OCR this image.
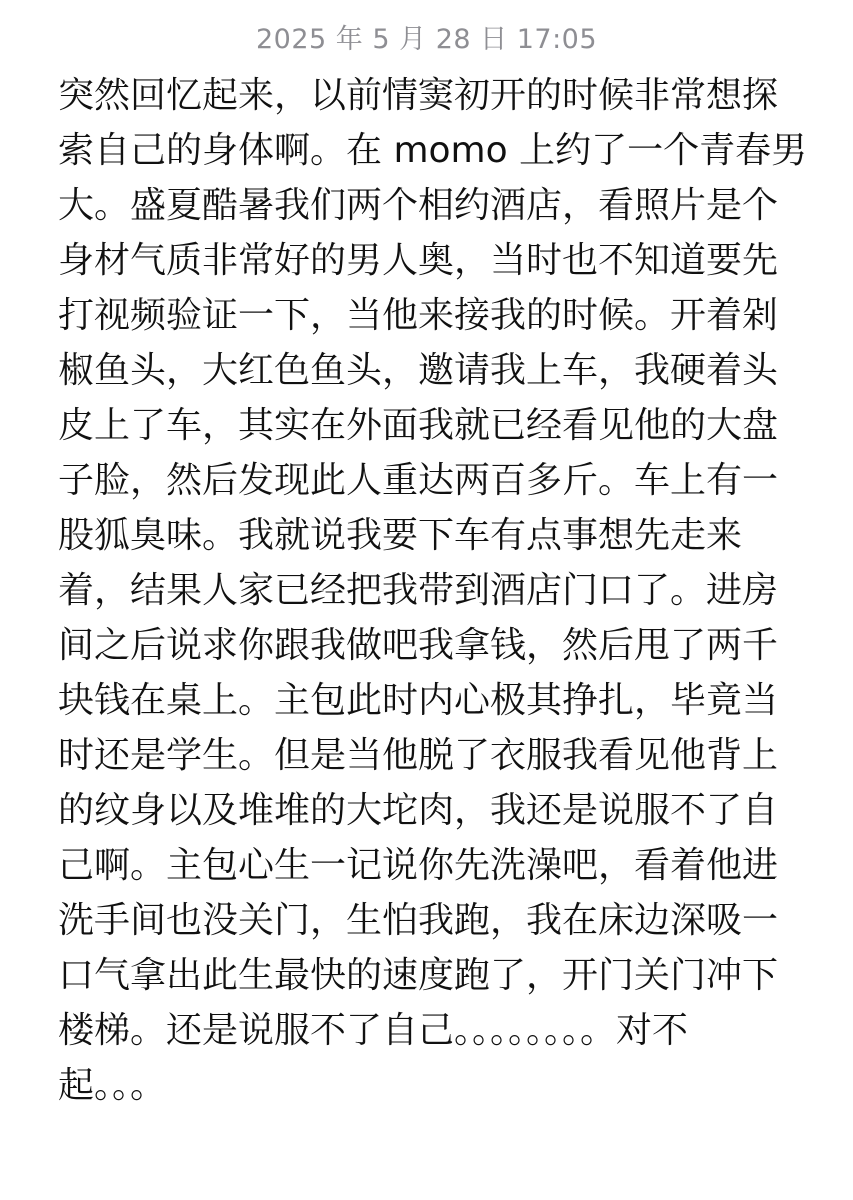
2025 年 5 月 28 日 17:05
突然回忆起来，以前情窦初开的时候非常想探
索自己的身体啊。在 momo 上约了一个青春男
大。盛夏酷暑我们两个相约酒店，看照片是个
身材气质非常好的男人奥，当时也不知道要先
打视频验证一下，当他来接我的时候。开着剁
椒鱼头，大红色鱼头，邀请我上车，我硬着头
皮上了车，其实在外面我就已经看见他的大盘
子脸，然后发现此人重达两百多斤。车上有一
股狐臭味。我就说我要下车有点事想先走来
着，结果人家已经把我带到酒店门口了。进房
间之后说求你跟我做吧我拿钱，然后甩了两千
块钱在桌上。主包此时内心极其挣扎，毕竟当
时还是学生。但是当他脱了衣服我看见他背上
的纹身以及堆堆的大坨肉，我还是说服不了自
己啊。主包心生一记说你先洗澡吧，看着他进
洗手间也没关门，生怕我跑，我在床边深吸一
口气拿出此生最快的速度跑了，开门关门冲下
楼梯。还是说服不了自己。。。。。。。。对不
起。。。
